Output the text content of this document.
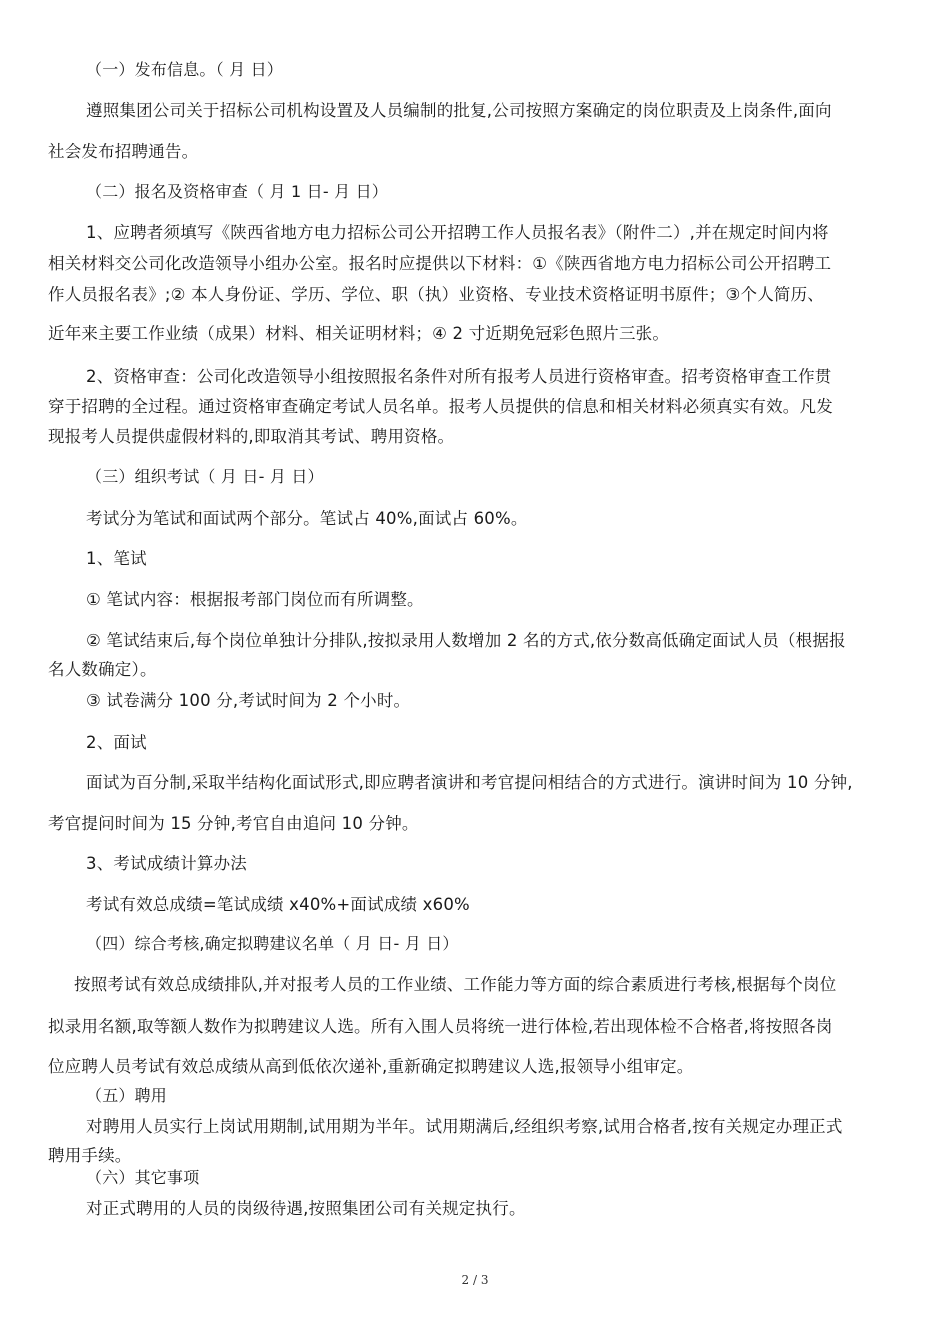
（一）发布信息。（ 月 日）

遵照集团公司关于招标公司机构设置及人员编制的批复,公司按照方案确定的岗位职责及上岗条件,面向

社会发布招聘通告。

（二）报名及资格审查（ 月 1 日- 月 日）

1、应聘者须填写《陕西省地方电力招标公司公开招聘工作人员报名表》（附件二）,并在规定时间内将

相关材料交公司化改造领导小组办公室。报名时应提供以下材料：①《陕西省地方电力招标公司公开招聘工

作人员报名表》;② 本人身份证、学历、学位、职（执）业资格、专业技术资格证明书原件；③个人简历、

近年来主要工作业绩（成果）材料、相关证明材料；④ 2 寸近期免冠彩色照片三张。

2、资格审查：公司化改造领导小组按照报名条件对所有报考人员进行资格审查。招考资格审查工作贯

穿于招聘的全过程。通过资格审查确定考试人员名单。报考人员提供的信息和相关材料必须真实有效。凡发

现报考人员提供虚假材料的,即取消其考试、聘用资格。

（三）组织考试（ 月 日- 月 日）

考试分为笔试和面试两个部分。笔试占 40%,面试占 60%。

1、笔试

① 笔试内容：根据报考部门岗位而有所调整。

② 笔试结束后,每个岗位单独计分排队,按拟录用人数增加 2 名的方式,依分数高低确定面试人员（根据报

名人数确定）。

③ 试卷满分 100 分,考试时间为 2 个小时。

2、面试

面试为百分制,采取半结构化面试形式,即应聘者演讲和考官提问相结合的方式进行。演讲时间为 10 分钟,

考官提问时间为 15 分钟,考官自由追问 10 分钟。

3、考试成绩计算办法

考试有效总成绩=笔试成绩 x40%+面试成绩 x60%

（四）综合考核,确定拟聘建议名单（ 月 日- 月 日）

按照考试有效总成绩排队,并对报考人员的工作业绩、工作能力等方面的综合素质进行考核,根据每个岗位

拟录用名额,取等额人数作为拟聘建议人选。所有入围人员将统一进行体检,若出现体检不合格者,将按照各岗

位应聘人员考试有效总成绩从高到低依次递补,重新确定拟聘建议人选,报领导小组审定。

（五）聘用

对聘用人员实行上岗试用期制,试用期为半年。试用期满后,经组织考察,试用合格者,按有关规定办理正式

聘用手续。

（六）其它事项

对正式聘用的人员的岗级待遇,按照集团公司有关规定执行。

2 / 3
